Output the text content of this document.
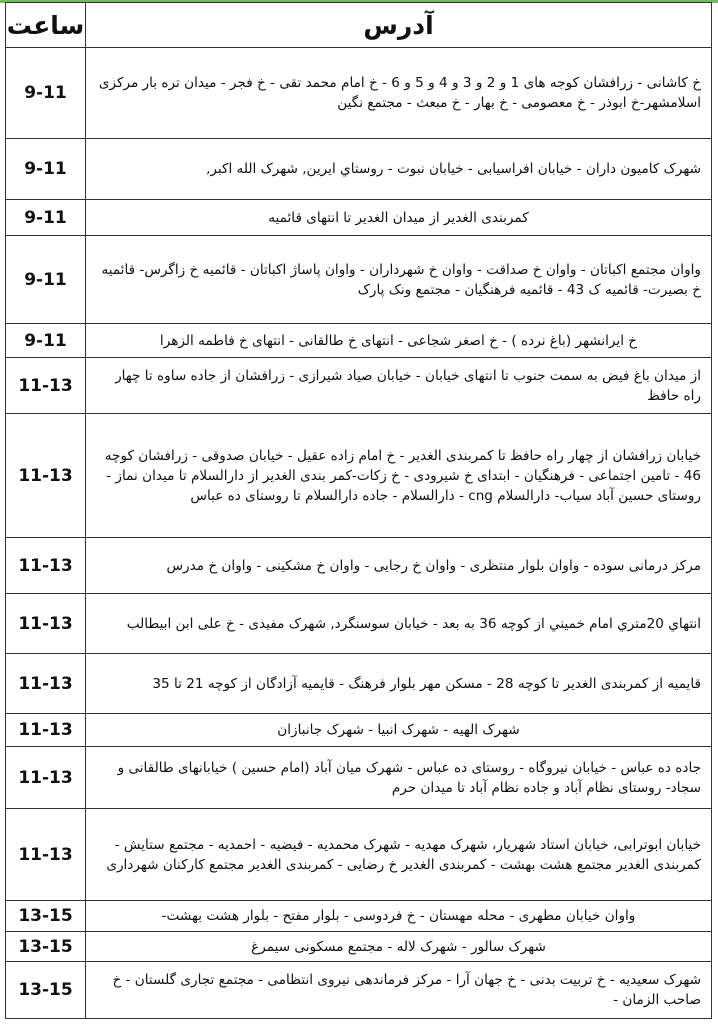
ساعت	آدرس
9-11	خ کاشانی - زرافشان کوجه های 1 و 2 و 3 و 4 و 5 و 6 - خ امام محمد تقی - خ فجر - میدان تره بار مرکزی اسلامشهر-خ ابوذر - خ معصومی - خ بهار - خ مبعث - مجتمع نگین
9-11	شهرک کامیون داران - خیابان افراسیابی - خیابان نبوت - روستاي ایرین, شهرک الله اکبر,
9-11	کمربندی الغدیر از میدان الغدیر تا انتهای قائمیه
9-11	واوان مجتمع اکباتان - واوان خ صداقت - واوان خ شهرداران - واوان پاساژ اکباتان - قائمیه خ زاگرس- قائمیه خ بصیرت- قائمیه ک 43 - قائمیه فرهنگیان - مجتمع ونک پارک
9-11	خ ایرانشهر (باغ نرده ) - خ اصغر شجاعی - انتهای خ طالقانی - انتهای خ فاطمه الزهرا
11-13	از میدان باغ فیض به سمت جنوب تا انتهای خیابان - خیابان صیاد شیرازی - زرافشان از جاده ساوه تا چهار راه حافظ
11-13	خیابان زرافشان از چهار راه حافظ تا کمربندی الغدیر - خ امام زاده عقیل - خیابان صدوقی - زرافشان کوچه 46 - تامین اجتماعی - فرهنگیان - ابتدای خ شیرودی - خ زکات-کمر بندی الغدیر از دارالسلام تا میدان نماز - روستای حسین آباد سیاب- دارالسلام cng - دارالسلام - جاده دارالسلام تا روستای ده عباس
11-13	مرکز درمانی سوده - واوان بلوار منتظری - واوان خ رجایی - واوان خ مشکینی - واوان خ مدرس
11-13	انتهاي 20متري امام خميني از کوچه 36 به بعد - خیابان سوسنگرد, شهرک مفیدی - خ علی ابن ابیطالب
11-13	قایمیه از کمربندی الغدیر تا کوچه 28 - مسکن مهر بلوار فرهنگ - قایمیه آزادگان از کوچه 21 تا 35
11-13	شهرک الهیه - شهرک انبیا - شهرک جانبازان
11-13	جاده ده عباس - خیابان نیروگاه - روستای ده عباس - شهرک میان آباد (امام حسین ) خیابانهای طالقانی و سجاد- روستای نظام آباد و جاده نظام آباد تا میدان حرم
11-13	خیابان ابوترابی، خیابان استاد شهریار، شهرک مهدیه - شهرک محمدیه - فیضیه - احمدیه - مجتمع ستایش - کمربندی الغدیر مجتمع هشت بهشت - کمربندی الغدیر خ رضایی - کمربندی الغدیر مجتمع کارکنان شهرداری
13-15	واوان خیابان مطهری - محله مهستان - خ فردوسی - بلوار مفتح - بلوار هشت بهشت-
13-15	شهرک سالور - شهرک لاله - مجتمع مسکونی سیمرغ
13-15	شهرک سعیدیه - خ تربیت بدنی - خ جهان آرا - مرکز فرماندهی نیروی انتظامی - مجتمع تجاری گلستان - خ صاحب الزمان -
